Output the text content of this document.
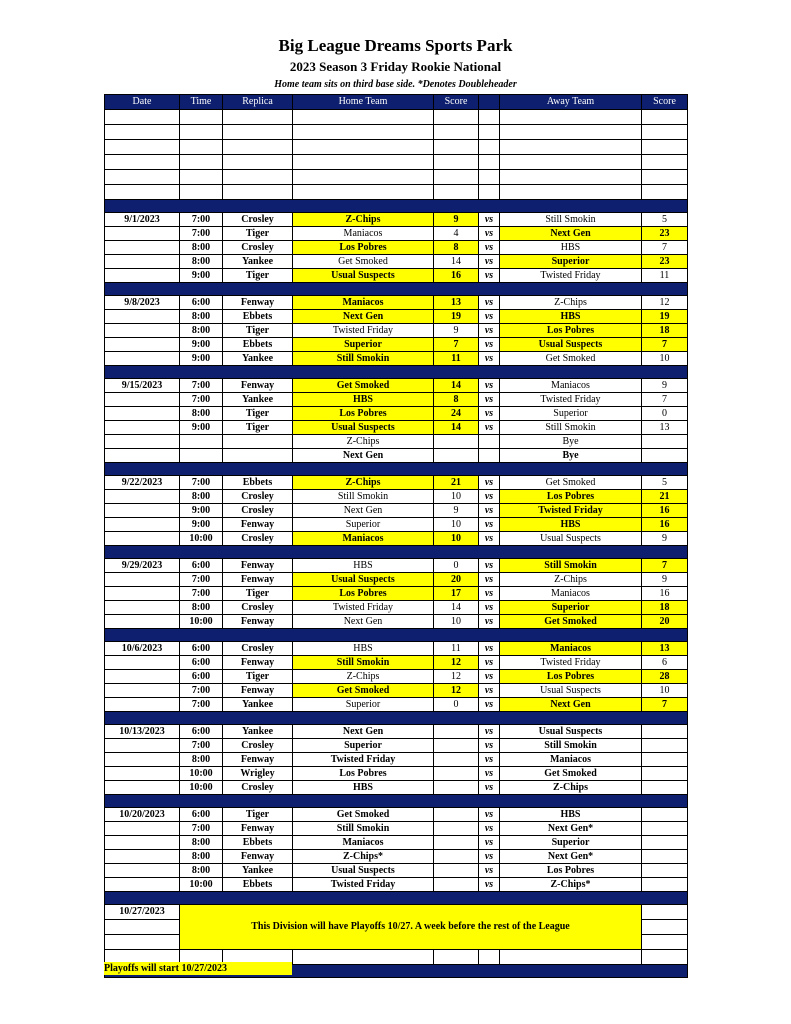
Big League Dreams Sports Park
2023 Season 3 Friday Rookie National
Home team sits on third base side. *Denotes Doubleheader
Date	Time	Replica	Home Team	Score		Away Team	Score

9/1/2023	7:00	Crosley	Z-Chips	9	vs	Still Smokin	5
	7:00	Tiger	Maniacos	4	vs	Next Gen	23
	8:00	Crosley	Los Pobres	8	vs	HBS	7
	8:00	Yankee	Get Smoked	14	vs	Superior	23
	9:00	Tiger	Usual Suspects	16	vs	Twisted Friday	11

9/8/2023	6:00	Fenway	Maniacos	13	vs	Z-Chips	12
	8:00	Ebbets	Next Gen	19	vs	HBS	19
	8:00	Tiger	Twisted Friday	9	vs	Los Pobres	18
	9:00	Ebbets	Superior	7	vs	Usual Suspects	7
	9:00	Yankee	Still Smokin	11	vs	Get Smoked	10

9/15/2023	7:00	Fenway	Get Smoked	14	vs	Maniacos	9
	7:00	Yankee	HBS	8	vs	Twisted Friday	7
	8:00	Tiger	Los Pobres	24	vs	Superior	0
	9:00	Tiger	Usual Suspects	14	vs	Still Smokin	13
			Z-Chips			Bye	
			Next Gen			Bye	

9/22/2023	7:00	Ebbets	Z-Chips	21	vs	Get Smoked	5
	8:00	Crosley	Still Smokin	10	vs	Los Pobres	21
	9:00	Crosley	Next Gen	9	vs	Twisted Friday	16
	9:00	Fenway	Superior	10	vs	HBS	16
	10:00	Crosley	Maniacos	10	vs	Usual Suspects	9

9/29/2023	6:00	Fenway	HBS	0	vs	Still Smokin	7
	7:00	Fenway	Usual Suspects	20	vs	Z-Chips	9
	7:00	Tiger	Los Pobres	17	vs	Maniacos	16
	8:00	Crosley	Twisted Friday	14	vs	Superior	18
	10:00	Fenway	Next Gen	10	vs	Get Smoked	20

10/6/2023	6:00	Crosley	HBS	11	vs	Maniacos	13
	6:00	Fenway	Still Smokin	12	vs	Twisted Friday	6
	6:00	Tiger	Z-Chips	12	vs	Los Pobres	28
	7:00	Fenway	Get Smoked	12	vs	Usual Suspects	10
	7:00	Yankee	Superior	0	vs	Next Gen	7

10/13/2023	6:00	Yankee	Next Gen		vs	Usual Suspects	
	7:00	Crosley	Superior		vs	Still Smokin	
	8:00	Fenway	Twisted Friday		vs	Maniacos	
	10:00	Wrigley	Los Pobres		vs	Get Smoked	
	10:00	Crosley	HBS		vs	Z-Chips	

10/20/2023	6:00	Tiger	Get Smoked		vs	HBS	
	7:00	Fenway	Still Smokin		vs	Next Gen*	
	8:00	Ebbets	Maniacos		vs	Superior	
	8:00	Fenway	Z-Chips*		vs	Next Gen*	
	8:00	Yankee	Usual Suspects		vs	Los Pobres	
	10:00	Ebbets	Twisted Friday		vs	Z-Chips*	

10/27/2023	This Division will have Playoffs 10/27. A week before the rest of the League						

Playoffs will start 10/27/2023
